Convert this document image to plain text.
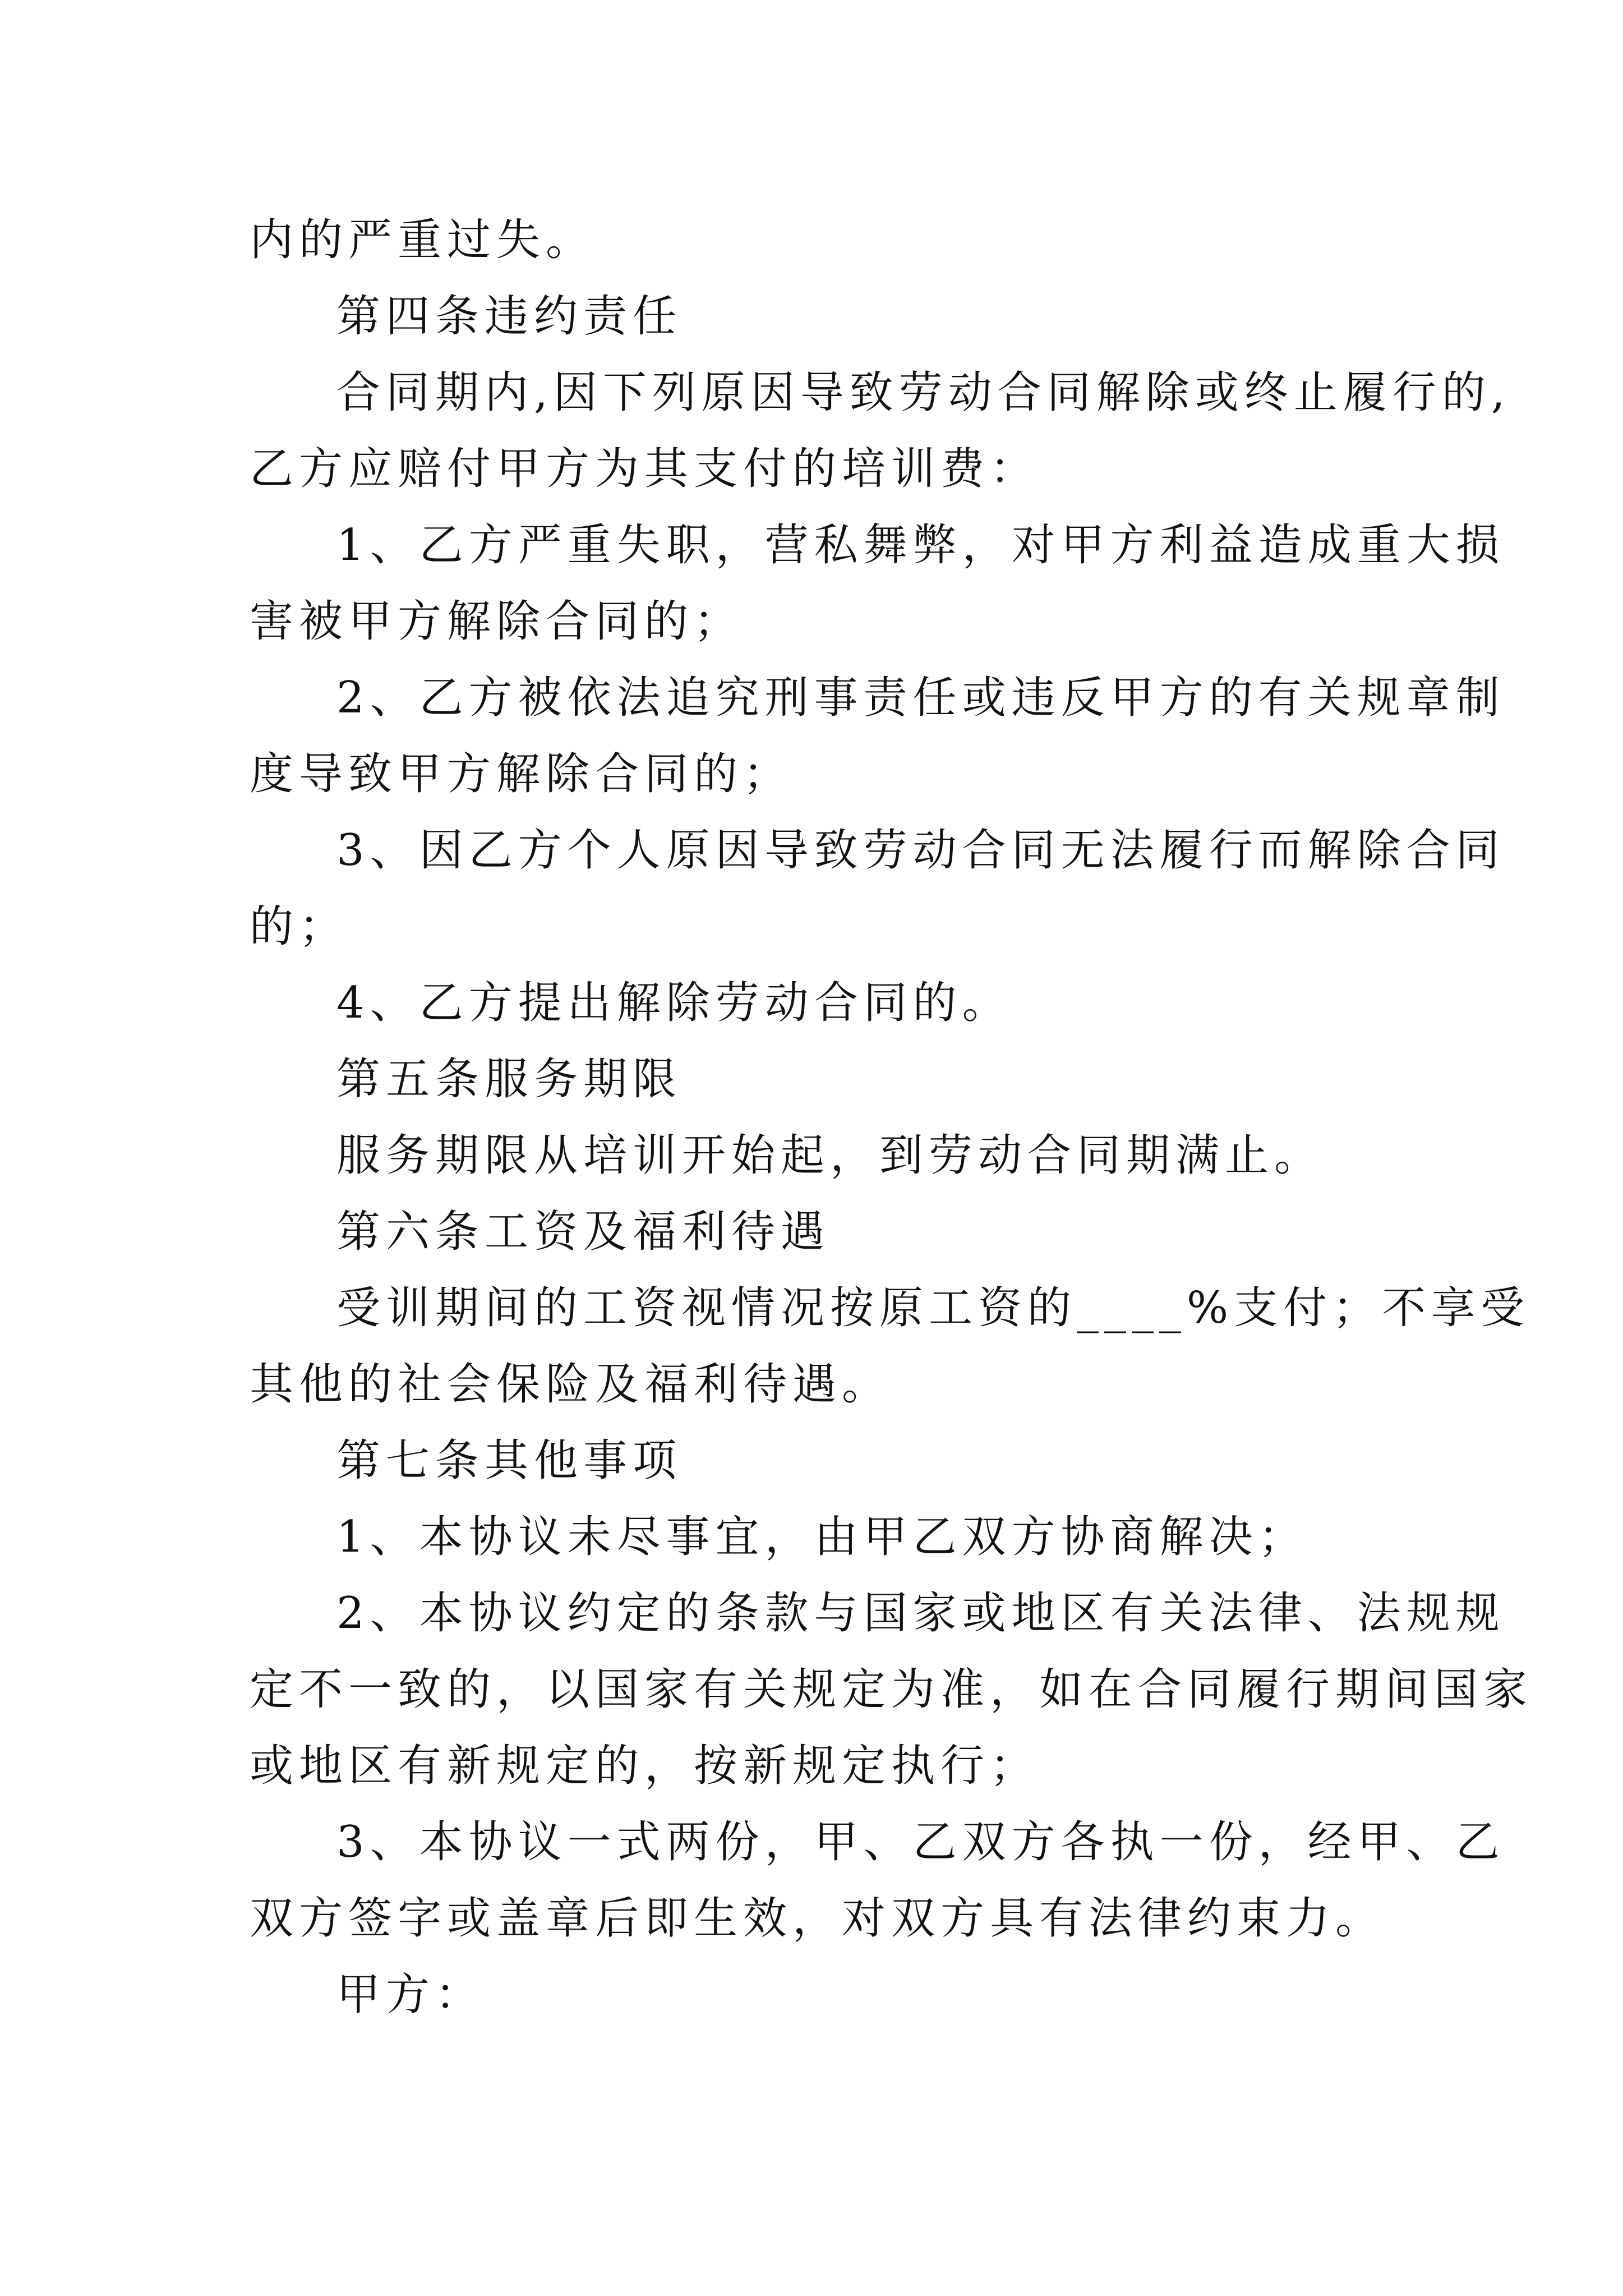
内的严重过失。
第四条违约责任
合同期内,因下列原因导致劳动合同解除或终止履行的,
乙方应赔付甲方为其支付的培训费：
1、乙方严重失职，营私舞弊，对甲方利益造成重大损
害被甲方解除合同的；
2、乙方被依法追究刑事责任或违反甲方的有关规章制
度导致甲方解除合同的；
3、因乙方个人原因导致劳动合同无法履行而解除合同
的；
4、乙方提出解除劳动合同的。
第五条服务期限
服务期限从培训开始起，到劳动合同期满止。
第六条工资及福利待遇
受训期间的工资视情况按原工资的____%支付；不享受
其他的社会保险及福利待遇。
第七条其他事项
1、本协议未尽事宜，由甲乙双方协商解决；
2、本协议约定的条款与国家或地区有关法律、法规规
定不一致的，以国家有关规定为准，如在合同履行期间国家
或地区有新规定的，按新规定执行；
3、本协议一式两份，甲、乙双方各执一份，经甲、乙
双方签字或盖章后即生效，对双方具有法律约束力。
甲方：
